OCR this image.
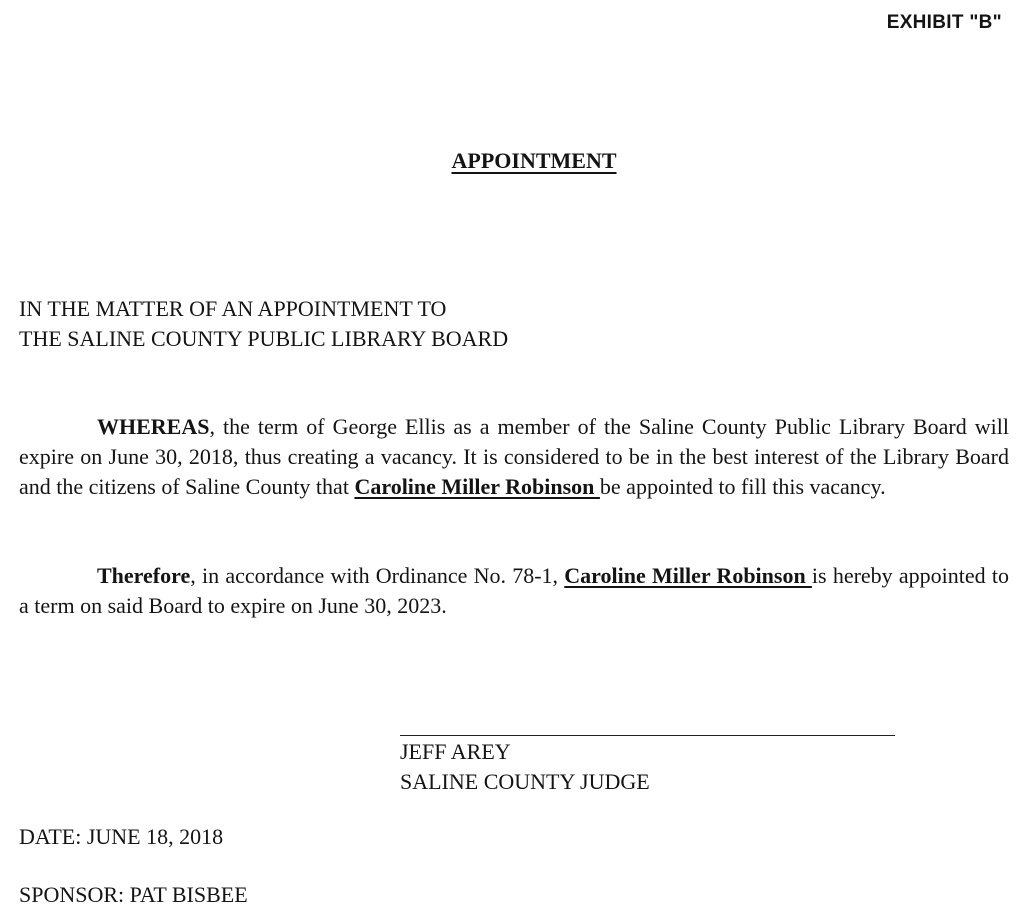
EXHIBIT "B"
APPOINTMENT
IN THE MATTER OF AN APPOINTMENT TO
THE SALINE COUNTY PUBLIC LIBRARY BOARD

WHEREAS, the term of George Ellis as a member of the Saline County Public Library Board will expire on June 30, 2018, thus creating a vacancy. It is considered to be in the best interest of the Library Board and the citizens of Saline County that Caroline Miller Robinson be appointed to fill this vacancy.

Therefore, in accordance with Ordinance No. 78-1, Caroline Miller Robinson is hereby appointed to a term on said Board to expire on June 30, 2023.

JEFF AREY
SALINE COUNTY JUDGE
DATE: JUNE 18, 2018
SPONSOR: PAT BISBEE
